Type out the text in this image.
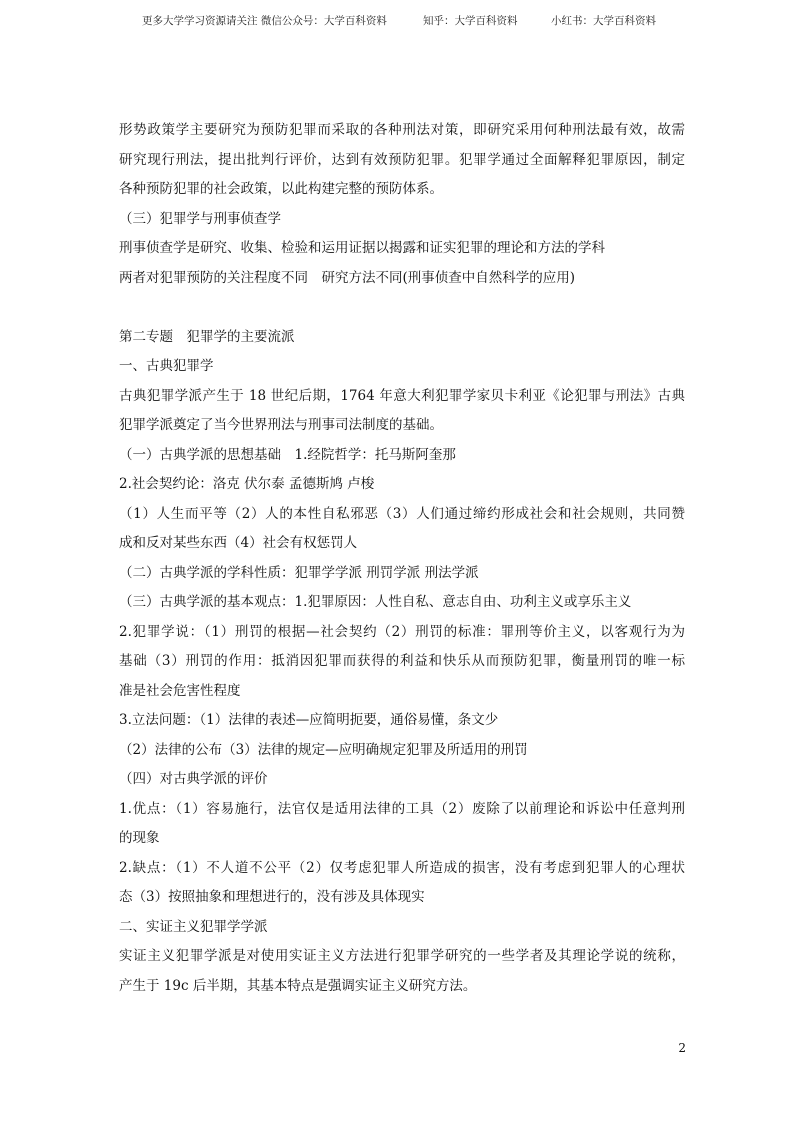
更多大学学习资源请关注 微信公众号：大学百科资料	知乎：大学百科资料	小红书：大学百科资料

形势政策学主要研究为预防犯罪而采取的各种刑法对策，即研究采用何种刑法最有效，故需

研究现行刑法，提出批判行评价，达到有效预防犯罪。犯罪学通过全面解释犯罪原因，制定

各种预防犯罪的社会政策，以此构建完整的预防体系。

（三）犯罪学与刑事侦查学

刑事侦查学是研究、收集、检验和运用证据以揭露和证实犯罪的理论和方法的学科

两者对犯罪预防的关注程度不同　研究方法不同(刑事侦查中自然科学的应用)

第二专题　犯罪学的主要流派

一、古典犯罪学

古典犯罪学派产生于 18 世纪后期，1764 年意大利犯罪学家贝卡利亚《论犯罪与刑法》古典

犯罪学派奠定了当今世界刑法与刑事司法制度的基础。

（一）古典学派的思想基础　1.经院哲学：托马斯阿奎那

2.社会契约论：洛克 伏尔泰 孟德斯鸠 卢梭

（1）人生而平等（2）人的本性自私邪恶（3）人们通过缔约形成社会和社会规则，共同赞

成和反对某些东西（4）社会有权惩罚人

（二）古典学派的学科性质：犯罪学学派 刑罚学派 刑法学派

（三）古典学派的基本观点：1.犯罪原因：人性自私、意志自由、功利主义或享乐主义

2.犯罪学说：（1）刑罚的根据—社会契约（2）刑罚的标准：罪刑等价主义，以客观行为为

基础（3）刑罚的作用：抵消因犯罪而获得的利益和快乐从而预防犯罪，衡量刑罚的唯一标

准是社会危害性程度

3.立法问题：（1）法律的表述—应简明扼要，通俗易懂，条文少

（2）法律的公布（3）法律的规定—应明确规定犯罪及所适用的刑罚

（四）对古典学派的评价

1.优点：（1）容易施行，法官仅是适用法律的工具（2）废除了以前理论和诉讼中任意判刑

的现象

2.缺点：（1）不人道不公平（2）仅考虑犯罪人所造成的损害，没有考虑到犯罪人的心理状

态（3）按照抽象和理想进行的，没有涉及具体现实

二、实证主义犯罪学学派

实证主义犯罪学派是对使用实证主义方法进行犯罪学研究的一些学者及其理论学说的统称，

产生于 19c 后半期，其基本特点是强调实证主义研究方法。

2
